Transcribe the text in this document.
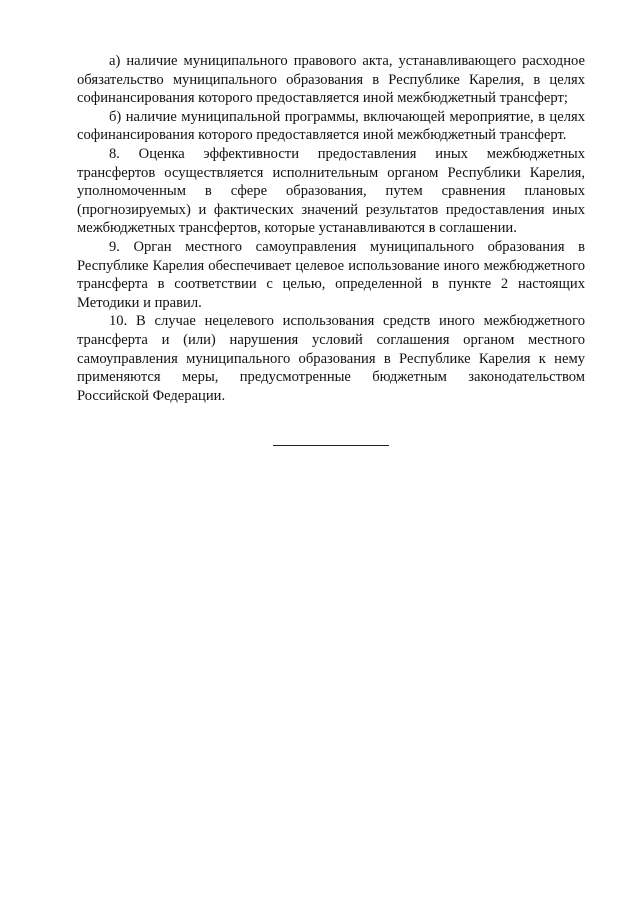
а) наличие муниципального правового акта, устанавливающего расходное обязательство муниципального образования в Республике Карелия, в целях софинансирования которого предоставляется иной межбюджетный трансферт;

б) наличие муниципальной программы, включающей мероприятие, в целях софинансирования которого предоставляется иной межбюджетный трансферт.

8. Оценка эффективности предоставления иных межбюджетных трансфертов осуществляется исполнительным органом Республики Карелия, уполномоченным в сфере образования, путем сравнения плановых (прогнозируемых) и фактических значений результатов предоставления иных межбюджетных трансфертов, которые устанавливаются в соглашении.

9. Орган местного самоуправления муниципального образования в Республике Карелия обеспечивает целевое использование иного межбюджетного трансферта в соответствии с целью, определенной в пункте 2 настоящих Методики и правил.

10. В случае нецелевого использования средств иного межбюджетного трансферта и (или) нарушения условий соглашения органом местного самоуправления муниципального образования в Республике Карелия к нему применяются меры, предусмотренные бюджетным законодательством Российской Федерации.
